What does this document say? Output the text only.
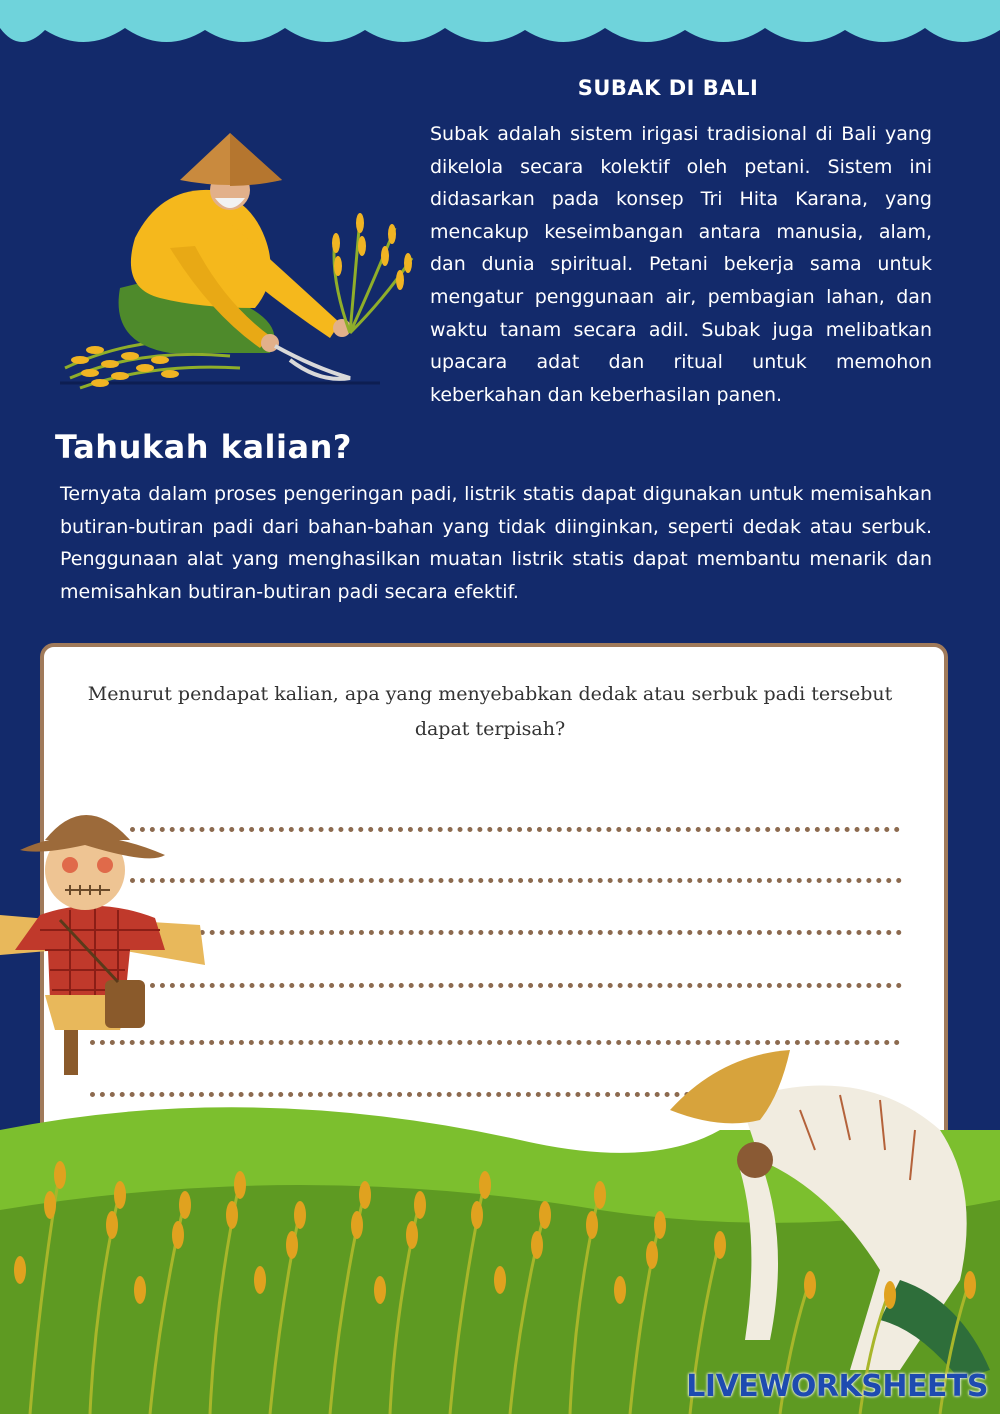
SUBAK DI BALI

Subak adalah sistem irigasi tradisional di Bali yang dikelola secara kolektif oleh petani. Sistem ini didasarkan pada konsep Tri Hita Karana, yang mencakup keseimbangan antara manusia, alam, dan dunia spiritual. Petani bekerja sama untuk mengatur penggunaan air, pembagian lahan, dan waktu tanam secara adil. Subak juga melibatkan upacara adat dan ritual untuk memohon keberkahan dan keberhasilan panen.

Tahukah kalian?

Ternyata dalam proses pengeringan padi, listrik statis dapat digunakan untuk memisahkan butiran-butiran padi dari bahan-bahan yang tidak diinginkan, seperti dedak atau serbuk. Penggunaan alat yang menghasilkan muatan listrik statis dapat membantu menarik dan memisahkan butiran-butiran padi secara efektif.

Menurut pendapat kalian, apa yang menyebabkan dedak atau serbuk padi tersebut dapat terpisah?

LIVEWORKSHEETS
